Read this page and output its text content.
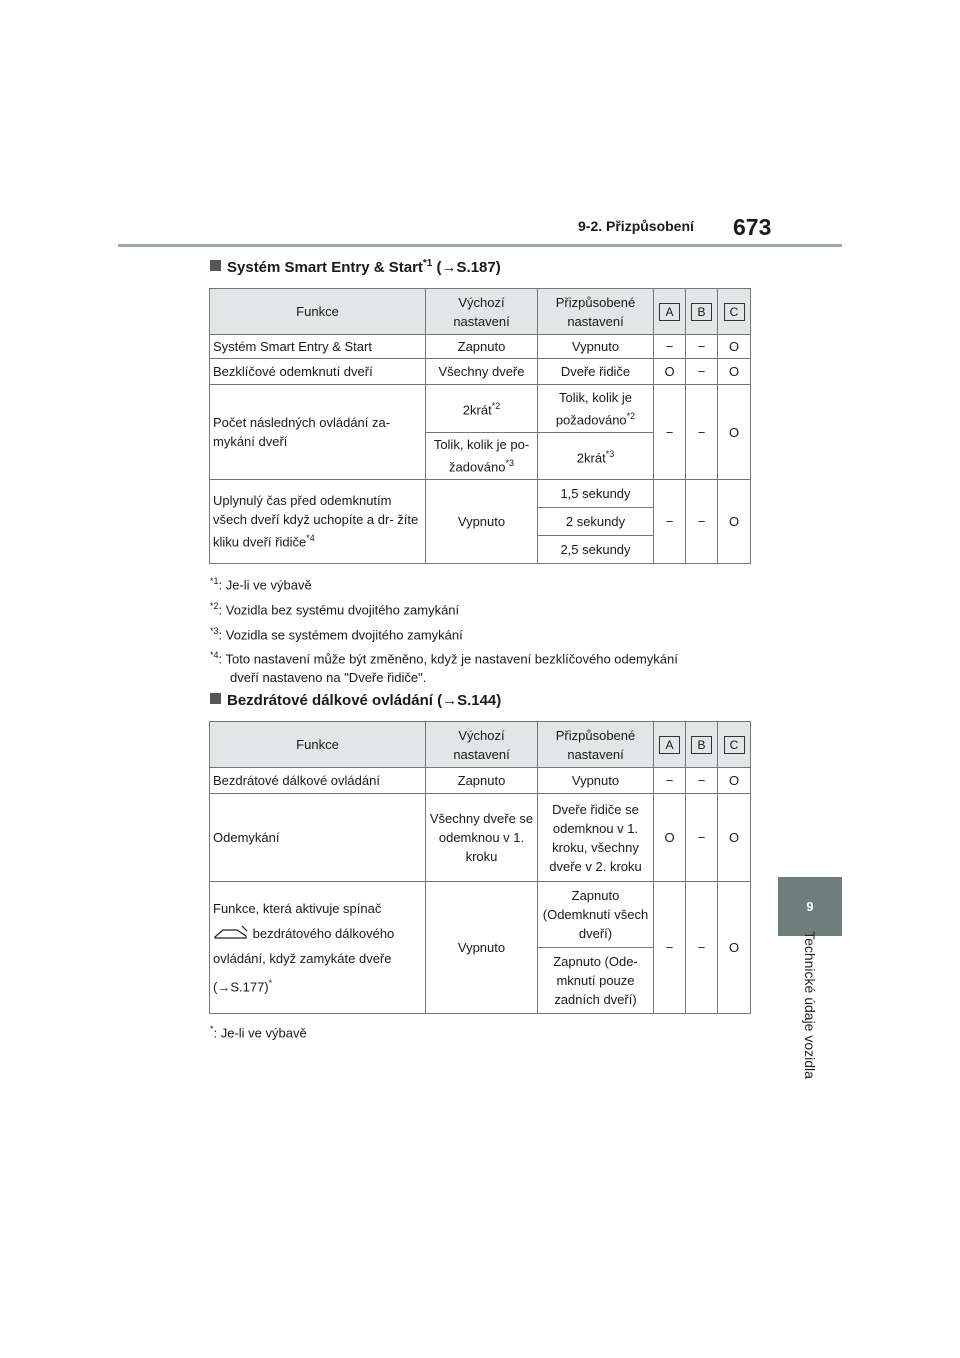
9-2. Přizpůsobení 673
9
Technické údaje vozidla
Systém Smart Entry & Start$^{*1}$ (→S.187)
Funkce	Výchozí nastavení	Přizpůsobené nastavení	A	B	C
Systém Smart Entry & Start	Zapnuto	Vypnuto	−	−	O
Bezklíčové odemknutí dveří	Všechny dveře	Dveře řidiče	O	−	O
Počet následných ovládání za- mykání dveří	2krát$^{*2}$	Tolik, kolik je požadováno$^{*2}$	−	−	O
	Tolik, kolik je po- žadováno$^{*3}$	2krát$^{*3}$
Uplynulý čas před odemknutím všech dveří když uchopíte a dr- žíte kliku dveří řidiče$^{*4}$	Vypnuto	1,5 sekundy	−	−	O
		2 sekundy			
		2,5 sekundy			
$^{*1}$: Je-li ve výbavě
$^{*2}$: Vozidla bez systému dvojitého zamykání
$^{*3}$: Vozidla se systémem dvojitého zamykání
$^{*4}$: Toto nastavení může být změněno, když je nastavení bezklíčového odemykání
dveří nastaveno na "Dveře řidiče".
Bezdrátové dálkové ovládání (→S.144)
Funkce	Výchozí nastavení	Přizpůsobené nastavení	A	B	C
Bezdrátové dálkové ovládání	Zapnuto	Vypnuto	−	−	O
Odemykání	Všechny dveře se odemknou v 1. kroku	Dveře řidiče se odemknou v 1. kroku, všechny dveře v 2. kroku	O	−	O
Funkce, která aktivuje spínač
bezdrátového dálkového ovládání, když zamykáte dveře
(→S.177)*	Vypnuto	Zapnuto (Odemknutí všech dveří)	−	−	O
		Zapnuto (Ode- mknutí pouze zadních dveří)			
*: Je-li ve výbavě
